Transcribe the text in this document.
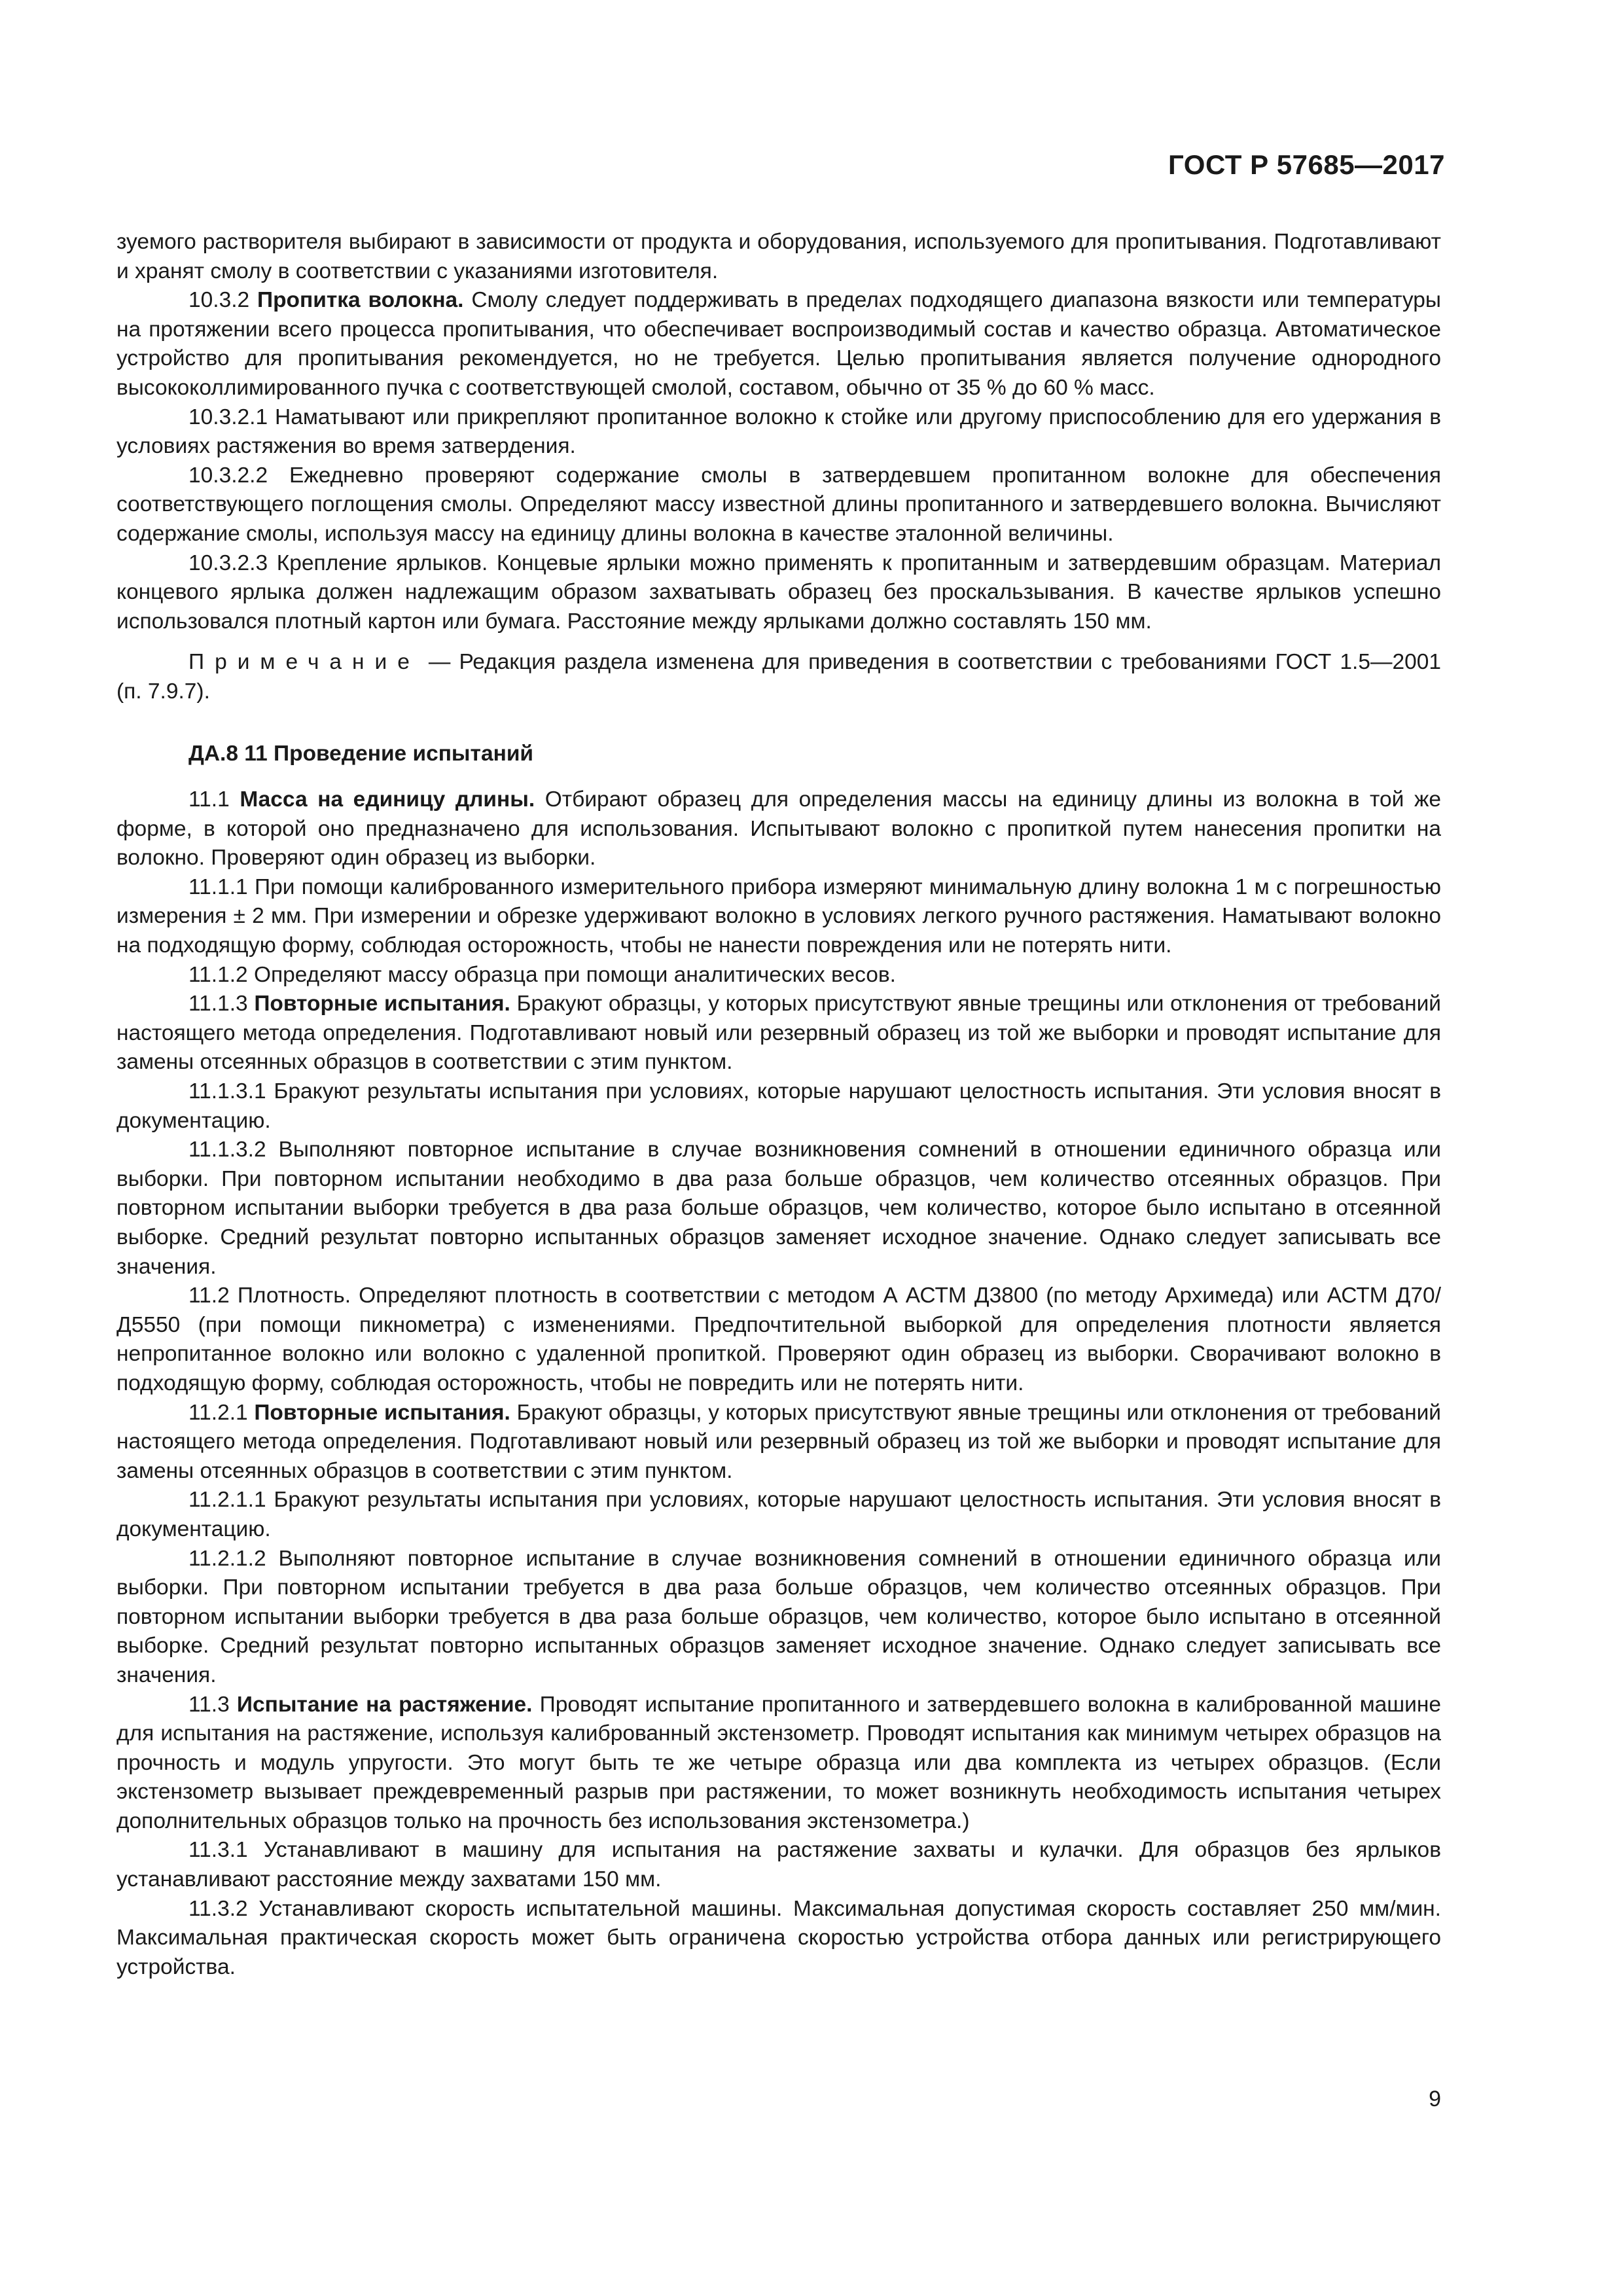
ГОСТ Р 57685—2017

зуемого растворителя выбирают в зависимости от продукта и оборудования, используемого для пропитывания. Подготавливают и хранят смолу в соответствии с указаниями изготовителя.

10.3.2 Пропитка волокна. Смолу следует поддерживать в пределах подходящего диапазона вязкости или температуры на протяжении всего процесса пропитывания, что обеспечивает воспроизводимый состав и качество образца. Автоматическое устройство для пропитывания рекомендуется, но не требуется. Целью пропитывания является получение однородного высококоллимированного пучка с соответствующей смолой, составом, обычно от 35 % до 60 % масс.

10.3.2.1 Наматывают или прикрепляют пропитанное волокно к стойке или другому приспособлению для его удержания в условиях растяжения во время затвердения.

10.3.2.2 Ежедневно проверяют содержание смолы в затвердевшем пропитанном волокне для обеспечения соответствующего поглощения смолы. Определяют массу известной длины пропитанного и затвердевшего волокна. Вычисляют содержание смолы, используя массу на единицу длины волокна в качестве эталонной величины.

10.3.2.3 Крепление ярлыков. Концевые ярлыки можно применять к пропитанным и затвердевшим образцам. Материал концевого ярлыка должен надлежащим образом захватывать образец без проскальзывания. В качестве ярлыков успешно использовался плотный картон или бумага. Расстояние между ярлыками должно составлять 150 мм.

Примечание — Редакция раздела изменена для приведения в соответствии с требованиями ГОСТ 1.5—2001 (п. 7.9.7).

ДА.8 11 Проведение испытаний

11.1 Масса на единицу длины. Отбирают образец для определения массы на единицу длины из волокна в той же форме, в которой оно предназначено для использования. Испытывают волокно с пропиткой путем нанесения пропитки на волокно. Проверяют один образец из выборки.

11.1.1 При помощи калиброванного измерительного прибора измеряют минимальную длину волокна 1 м с погрешностью измерения ± 2 мм. При измерении и обрезке удерживают волокно в условиях легкого ручного растяжения. Наматывают волокно на подходящую форму, соблюдая осторожность, чтобы не нанести повреждения или не потерять нити.

11.1.2 Определяют массу образца при помощи аналитических весов.

11.1.3 Повторные испытания. Бракуют образцы, у которых присутствуют явные трещины или отклонения от требований настоящего метода определения. Подготавливают новый или резервный образец из той же выборки и проводят испытание для замены отсеянных образцов в соответствии с этим пунктом.

11.1.3.1 Бракуют результаты испытания при условиях, которые нарушают целостность испытания. Эти условия вносят в документацию.

11.1.3.2 Выполняют повторное испытание в случае возникновения сомнений в отношении единичного образца или выборки. При повторном испытании необходимо в два раза больше образцов, чем количество отсеянных образцов. При повторном испытании выборки требуется в два раза больше образцов, чем количество, которое было испытано в отсеянной выборке. Средний результат повторно испытанных образцов заменяет исходное значение. Однако следует записывать все значения.

11.2 Плотность. Определяют плотность в соответствии с методом А АСТМ Д3800 (по методу Архимеда) или АСТМ Д70/Д5550 (при помощи пикнометра) с изменениями. Предпочтительной выборкой для определения плотности является непропитанное волокно или волокно с удаленной пропиткой. Проверяют один образец из выборки. Сворачивают волокно в подходящую форму, соблюдая осторожность, чтобы не повредить или не потерять нити.

11.2.1 Повторные испытания. Бракуют образцы, у которых присутствуют явные трещины или отклонения от требований настоящего метода определения. Подготавливают новый или резервный образец из той же выборки и проводят испытание для замены отсеянных образцов в соответствии с этим пунктом.

11.2.1.1 Бракуют результаты испытания при условиях, которые нарушают целостность испытания. Эти условия вносят в документацию.

11.2.1.2 Выполняют повторное испытание в случае возникновения сомнений в отношении единичного образца или выборки. При повторном испытании требуется в два раза больше образцов, чем количество отсеянных образцов. При повторном испытании выборки требуется в два раза больше образцов, чем количество, которое было испытано в отсеянной выборке. Средний результат повторно испытанных образцов заменяет исходное значение. Однако следует записывать все значения.

11.3 Испытание на растяжение. Проводят испытание пропитанного и затвердевшего волокна в калиброванной машине для испытания на растяжение, используя калиброванный экстензометр. Проводят испытания как минимум четырех образцов на прочность и модуль упругости. Это могут быть те же четыре образца или два комплекта из четырех образцов. (Если экстензометр вызывает преждевременный разрыв при растяжении, то может возникнуть необходимость испытания четырех дополнительных образцов только на прочность без использования экстензометра.)

11.3.1 Устанавливают в машину для испытания на растяжение захваты и кулачки. Для образцов без ярлыков устанавливают расстояние между захватами 150 мм.

11.3.2 Устанавливают скорость испытательной машины. Максимальная допустимая скорость составляет 250 мм/мин. Максимальная практическая скорость может быть ограничена скоростью устройства отбора данных или регистрирующего устройства.

9
